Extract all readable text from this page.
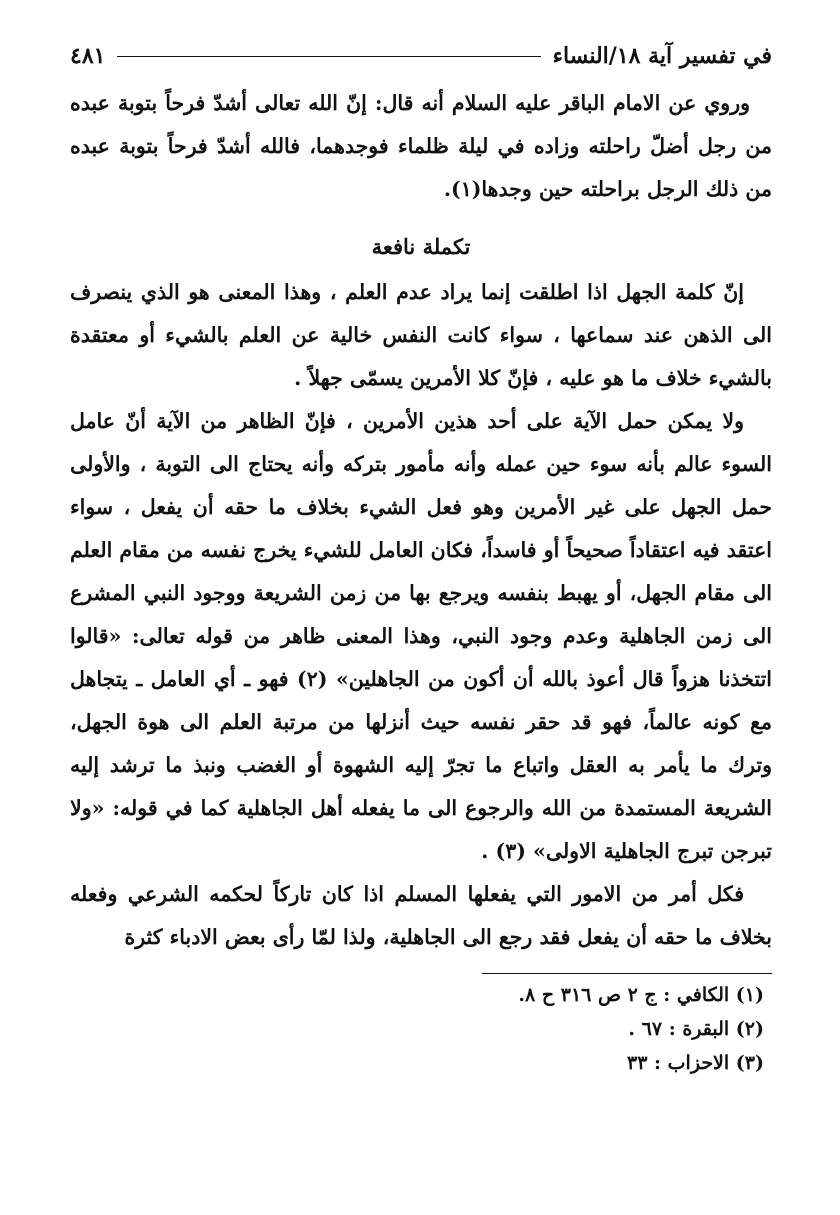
في تفسير آية ١٨/النساء
٤٨١

وروي عن الامام الباقر عليه السلام أنه قال: إنّ الله تعالى أشدّ فرحاً بتوبة عبده من رجل أضلّ راحلته وزاده في ليلة ظلماء فوجدهما، فالله أشدّ فرحاً بتوبة عبده من ذلك الرجل براحلته حين وجدها(١).

تكملة نافعة

إنّ كلمة الجهل اذا اطلقت إنما يراد عدم العلم ، وهذا المعنى هو الذي ينصرف الى الذهن عند سماعها ، سواء كانت النفس خالية عن العلم بالشيء أو معتقدة بالشيء خلاف ما هو عليه ، فإنّ كلا الأمرين يسمّى جهلاً .

ولا يمكن حمل الآية على أحد هذين الأمرين ، فإنّ الظاهر من الآية أنّ عامل السوء عالم بأنه سوء حين عمله وأنه مأمور بتركه وأنه يحتاج الى التوبة ، والأولى حمل الجهل على غير الأمرين وهو فعل الشيء بخلاف ما حقه أن يفعل ، سواء اعتقد فيه اعتقاداً صحيحاً أو فاسداً، فكان العامل للشيء يخرج نفسه من مقام العلم الى مقام الجهل، أو يهبط بنفسه ويرجع بها من زمن الشريعة ووجود النبي المشرع الى زمن الجاهلية وعدم وجود النبي، وهذا المعنى ظاهر من قوله تعالى: «قالوا اتتخذنا هزواً قال أعوذ بالله أن أكون من الجاهلين» (٢) فهو ـ أي العامل ـ يتجاهل مع كونه عالماً، فهو قد حقر نفسه حيث أنزلها من مرتبة العلم الى هوة الجهل، وترك ما يأمر به العقل واتباع ما تجرّ إليه الشهوة أو الغضب ونبذ ما ترشد إليه الشريعة المستمدة من الله والرجوع الى ما يفعله أهل الجاهلية كما في قوله: «ولا تبرجن تبرج الجاهلية الاولى» (٣) .

فكل أمر من الامور التي يفعلها المسلم اذا كان تاركاً لحكمه الشرعي وفعله بخلاف ما حقه أن يفعل فقد رجع الى الجاهلية، ولذا لمّا رأى بعض الادباء كثرة

(١) الكافي : ج ٢ ص ٣١٦ ح ٨.
(٢) البقرة : ٦٧ .
(٣) الاحزاب : ٣٣
